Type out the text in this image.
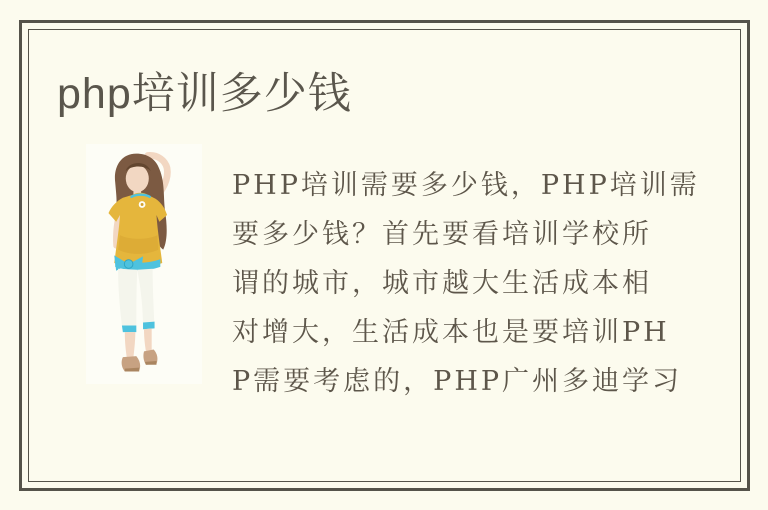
php培训多少钱
PHP培训需要多少钱，PHP培训需
要多少钱？首先要看培训学校所
谓的城市，城市越大生活成本相
对增大，生活成本也是要培训PH
P需要考虑的，PHP广州多迪学习
